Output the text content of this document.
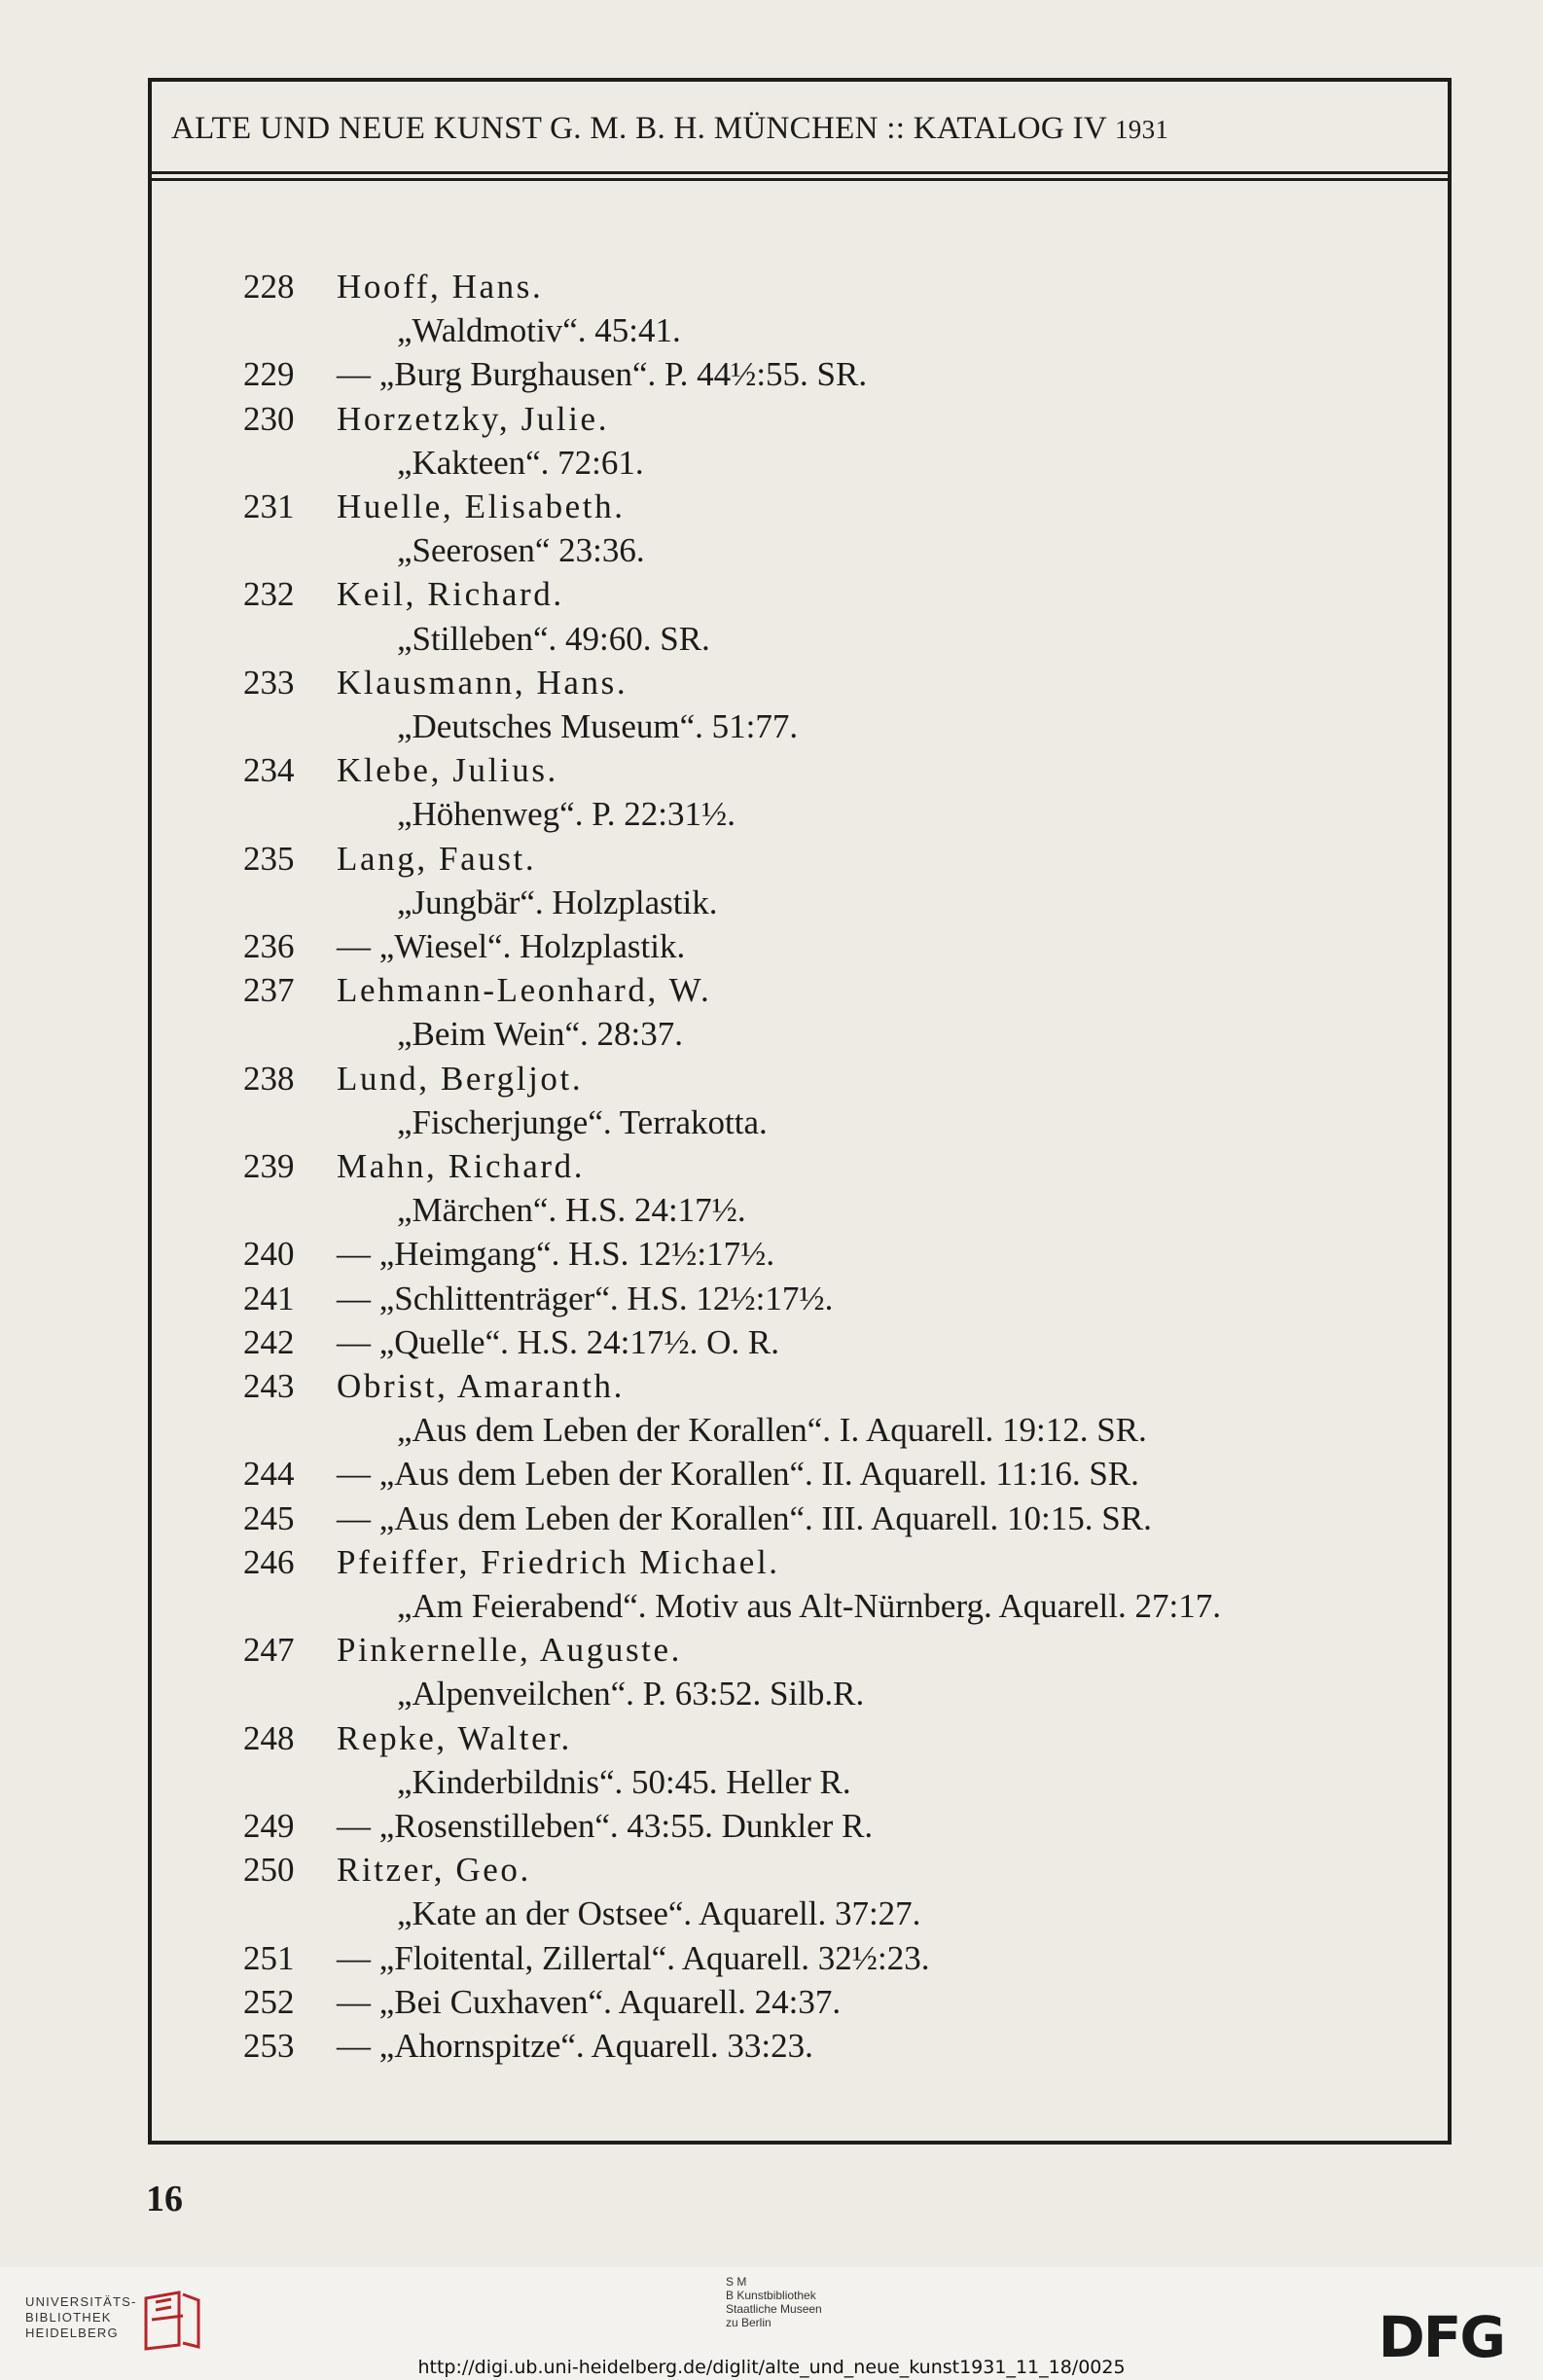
ALTE UND NEUE KUNST G. M. B. H. MÜNCHEN :: KATALOG IV 1931
228	Hooff, Hans.
„Waldmotiv“. 45:41.
229	— „Burg Burghausen“. P. 44½:55. SR.
230	Horzetzky, Julie.
„Kakteen“. 72:61.
231	Huelle, Elisabeth.
„Seerosen“ 23:36.
232	Keil, Richard.
„Stilleben“. 49:60. SR.
233	Klausmann, Hans.
„Deutsches Museum“. 51:77.
234	Klebe, Julius.
„Höhenweg“. P. 22:31½.
235	Lang, Faust.
„Jungbär“. Holzplastik.
236	— „Wiesel“. Holzplastik.
237	Lehmann-Leonhard, W.
„Beim Wein“. 28:37.
238	Lund, Bergljot.
„Fischerjunge“. Terrakotta.
239	Mahn, Richard.
„Märchen“. H.S. 24:17½.
240	— „Heimgang“. H.S. 12½:17½.
241	— „Schlittenträger“. H.S. 12½:17½.
242	— „Quelle“. H.S. 24:17½. O. R.
243	Obrist, Amaranth.
„Aus dem Leben der Korallen“. I. Aquarell. 19:12. SR.
244	— „Aus dem Leben der Korallen“. II. Aquarell. 11:16. SR.
245	— „Aus dem Leben der Korallen“. III. Aquarell. 10:15. SR.
246	Pfeiffer, Friedrich Michael.
„Am Feierabend“. Motiv aus Alt-Nürnberg. Aquarell. 27:17.
247	Pinkernelle, Auguste.
„Alpenveilchen“. P. 63:52. Silb.R.
248	Repke, Walter.
„Kinderbildnis“. 50:45. Heller R.
249	— „Rosenstilleben“. 43:55. Dunkler R.
250	Ritzer, Geo.
„Kate an der Ostsee“. Aquarell. 37:27.
251	— „Floitental, Zillertal“. Aquarell. 32½:23.
252	— „Bei Cuxhaven“. Aquarell. 24:37.
253	— „Ahornspitze“. Aquarell. 33:23.
16
UNIVERSITÄTS-
BIBLIOTHEK
HEIDELBERG
S M
B Kunstbibliothek
Staatliche Museen
zu Berlin	DFG
http://digi.ub.uni-heidelberg.de/diglit/alte_und_neue_kunst1931_11_18/0025
